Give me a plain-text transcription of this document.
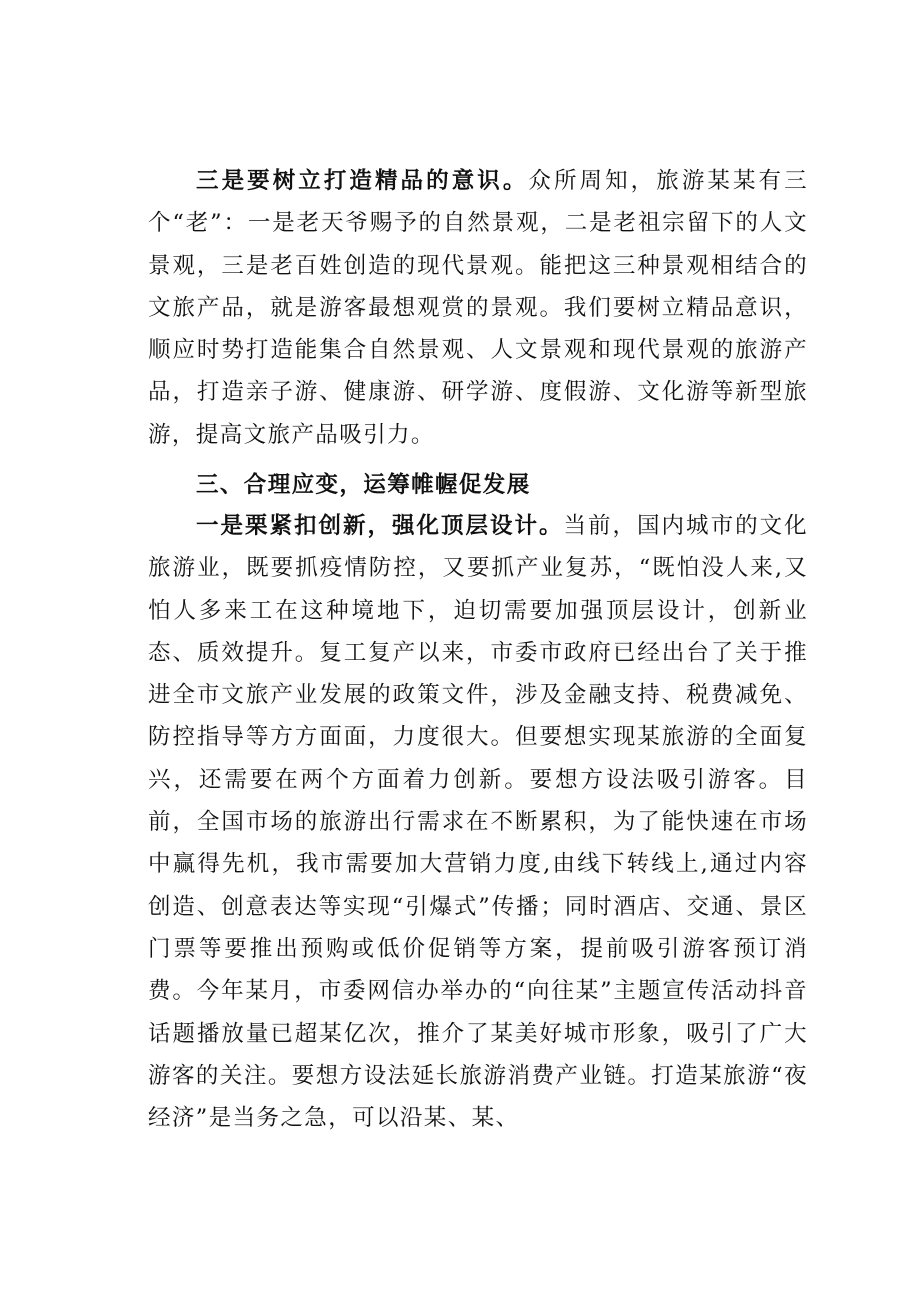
三是要树立打造精品的意识。众所周知，旅游某某有三个“老”：一是老天爷赐予的自然景观，二是老祖宗留下的人文景观，三是老百姓创造的现代景观。能把这三种景观相结合的文旅产品，就是游客最想观赏的景观。我们要树立精品意识，顺应时势打造能集合自然景观、人文景观和现代景观的旅游产品，打造亲子游、健康游、研学游、度假游、文化游等新型旅游，提高文旅产品吸引力。

三、合理应变，运筹帷幄促发展

一是栗紧扣创新，强化顶层设计。当前，国内城市的文化旅游业，既要抓疫情防控，又要抓产业复苏，“既怕没人来,又怕人多来工在这种境地下，迫切需要加强顶层设计，创新业态、质效提升。复工复产以来，市委市政府已经出台了关于推进全市文旅产业发展的政策文件，涉及金融支持、税费减免、防控指导等方方面面，力度很大。但要想实现某旅游的全面复兴，还需要在两个方面着力创新。要想方设法吸引游客。目前，全国市场的旅游出行需求在不断累积，为了能快速在市场中赢得先机，我市需要加大营销力度,由线下转线上,通过内容创造、创意表达等实现“引爆式”传播；同时酒店、交通、景区门票等要推出预购或低价促销等方案，提前吸引游客预订消费。今年某月，市委网信办举办的“向往某”主题宣传活动抖音话题播放量已超某亿次，推介了某美好城市形象，吸引了广大游客的关注。要想方设法延长旅游消费产业链。打造某旅游“夜经济”是当务之急，可以沿某、某、
